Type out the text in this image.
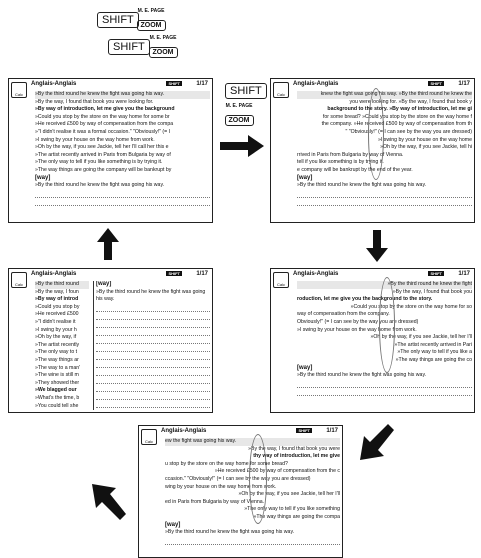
SHIFT
M. E. PAGE
ZOOM
SHIFT
M. E. PAGE
ZOOM
Calc
Anglais-Anglais	SHIFT	1/17
»By the third round he knew the fight was going his way.
»By the way, I found that book you were looking for.
»By way of introduction, let me give you the background
»Could you stop by the store on the way home for some br
»He received £500 by way of compensation from the compa
»"I didn't realise it was a formal occasion." "Obviously!" (= I
»I swing by your house on the way home from work.
»Oh by the way, if you see Jackie, tell her I'll call her this e
»The artist recently arrived in Paris from Bulgaria by way of
»The only way to tell if you like something is by trying it.
»The way things are going the company will be bankrupt by
[way]
»By the third round he knew the fight was going his way.
SHIFT
M. E. PAGE
ZOOM
Calc
Anglais-Anglais	SHIFT	1/17
knew the fight was going his way. »By the third round he knew the
you were looking for. »By the way, I found that book y
background to the story. »By way of introduction, let me gi
for some bread? »Could you stop by the store on the way home f
the company. »He received £500 by way of compensation from th
" "Obviously!" (= I can see by the way you are dressed)
»I swing by your house on the way home
»Oh by the way, if you see Jackie, tell hi
rrived in Paris from Bulgaria by way of Vienna.
tell if you like something is by trying it.
e company will be bankrupt by the end of the year.
[way]
»By the third round he knew the fight was going his way.
Calc
Anglais-Anglais	SHIFT	1/17
»By the third round
»By the way, I foun
»By way of introd
»Could you stop by
»He received £500
»"I didn't realise it
»I swing by your h
»Oh by the way, if
»The artist recently
»The only way to t
»The way things ar
»The way to a man'
»The wine is still m
»They showed ther
»We blagged our
»What's the time, b
»You could tell she
[way]
»By the third round he knew the fight was going his way.
Calc
Anglais-Anglais	SHIFT	1/17
»By the third round he knew the fight
»By the way, I found that book you
roduction, let me give you the background to the story.
»Could you stop by the store on the way home for so
way of compensation from the company.
Obviously!" (= I can see by the way you are dressed)
»I swing by your house on the way home from work.
»Oh by the way, if you see Jackie, tell her I'll
»The artist recently arrived in Pari
»The only way to tell if you like a
»The way things are going the co
[way]
»By the third round he knew the fight was going his way.
Calc
Anglais-Anglais	SHIFT	1/17
ew the fight was going his way.
»By the way, I found that book you were
thy way of introduction, let me give
u stop by the store on the way home for some bread?
»He received £500 by way of compensation from the c
ccasion." "Obviously!" (= I can see by the way you are dressed)
wing by your house on the way home from work.
»Oh by the way, if you see Jackie, tell her I'll
ed in Paris from Bulgaria by way of Vienna.
»The only way to tell if you like something
»The way things are going the compa
[way]
»By the third round he knew the fight was going his way.
